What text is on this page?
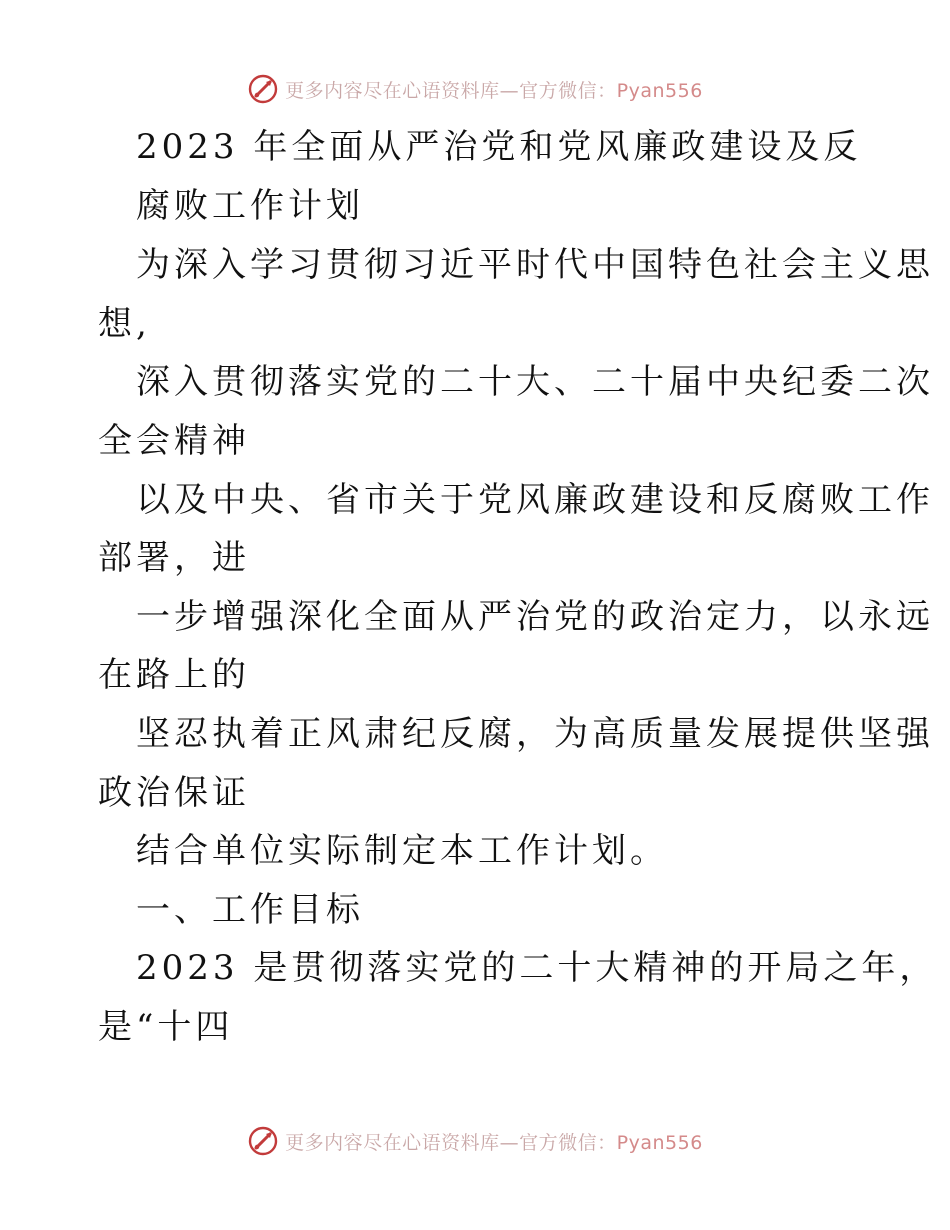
更多内容尽在心语资料库—官方微信：Pyan556
2023 年全面从严治党和党风廉政建设及反
腐败工作计划
为深入学习贯彻习近平时代中国特色社会主义思
想,
深入贯彻落实党的二十大、二十届中央纪委二次
全会精神
以及中央、省市关于党风廉政建设和反腐败工作
部署，进
一步增强深化全面从严治党的政治定力，以永远
在路上的
坚忍执着正风肃纪反腐，为高质量发展提供坚强
政治保证
结合单位实际制定本工作计划。
一、工作目标
2023 是贯彻落实党的二十大精神的开局之年，
是“十四
更多内容尽在心语资料库—官方微信：Pyan556
